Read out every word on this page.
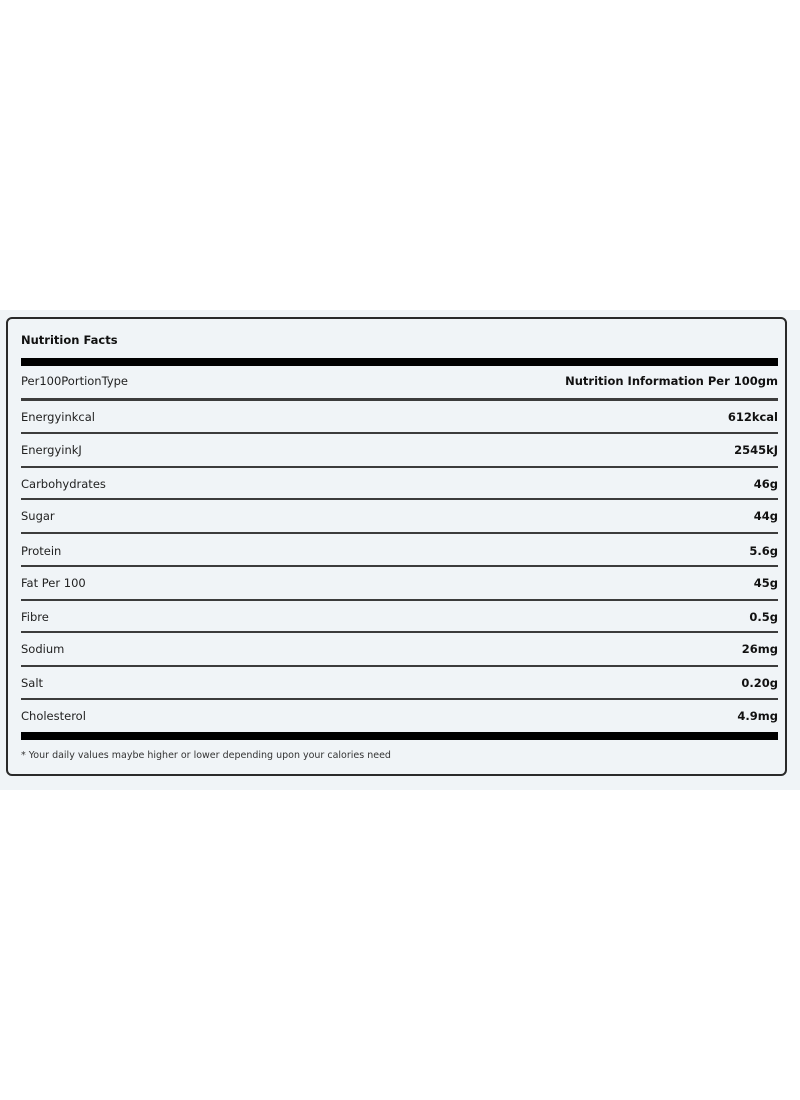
Nutrition Facts
Per100PortionType	Nutrition Information Per 100gm
Energyinkcal	612kcal
EnergyinkJ	2545kJ
Carbohydrates	46g
Sugar	44g
Protein	5.6g
Fat Per 100	45g
Fibre	0.5g
Sodium	26mg
Salt	0.20g
Cholesterol	4.9mg
* Your daily values maybe higher or lower depending upon your calories need
